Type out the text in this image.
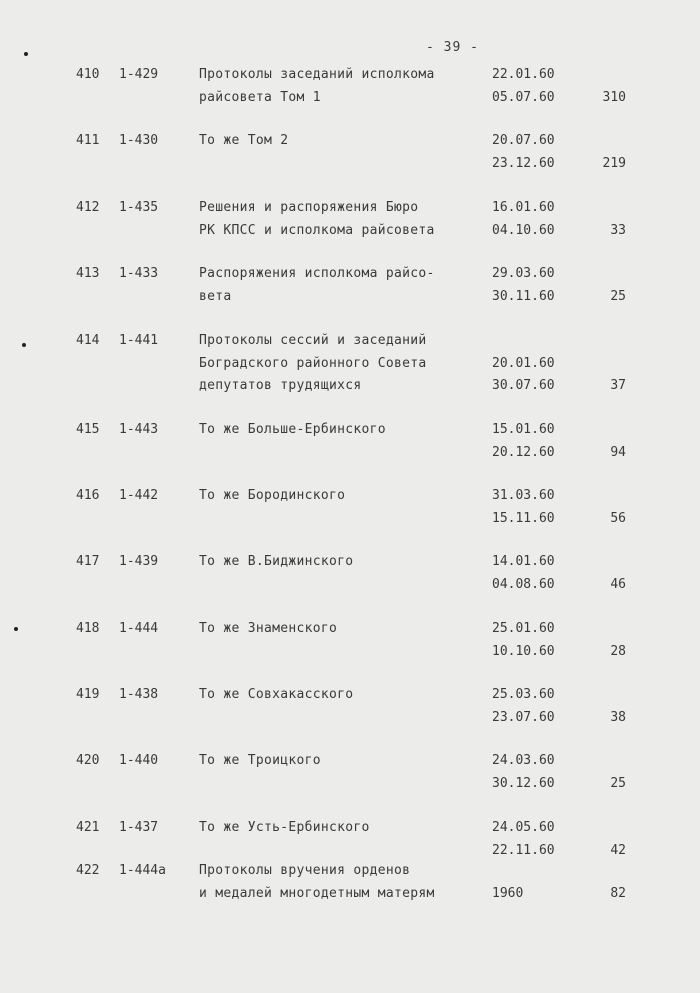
- 39 -
410 1-429	Протоколы заседаний исполкома	22.01.60
райсовета Том 1	05.07.60	310
411 1-430	То же Том 2	20.07.60
23.12.60	219
412 1-435	Решения и распоряжения Бюро	16.01.60
РК КПСС и исполкома райсовета	04.10.60	33
413 1-433	Распоряжения исполкома райсо-	29.03.60
вета	30.11.60	25
414 1-441	Протоколы сессий и заседаний
Боградского районного Совета	20.01.60
депутатов трудящихся	30.07.60	37
415 1-443	То же Больше-Ербинского	15.01.60
20.12.60	94
416 1-442	То же Бородинского	31.03.60
15.11.60	56
417 1-439	То же В.Биджинского	14.01.60
04.08.60	46
418 1-444	То же Знаменского	25.01.60
10.10.60	28
419 1-438	То же Совхакасского	25.03.60
23.07.60	38
420 1-440	То же Троицкого	24.03.60
30.12.60	25
421 1-437	То же Усть-Ербинского	24.05.60
22.11.60	42
422 1-444а	Протоколы вручения орденов
и медалей многодетным матерям	1960	82
